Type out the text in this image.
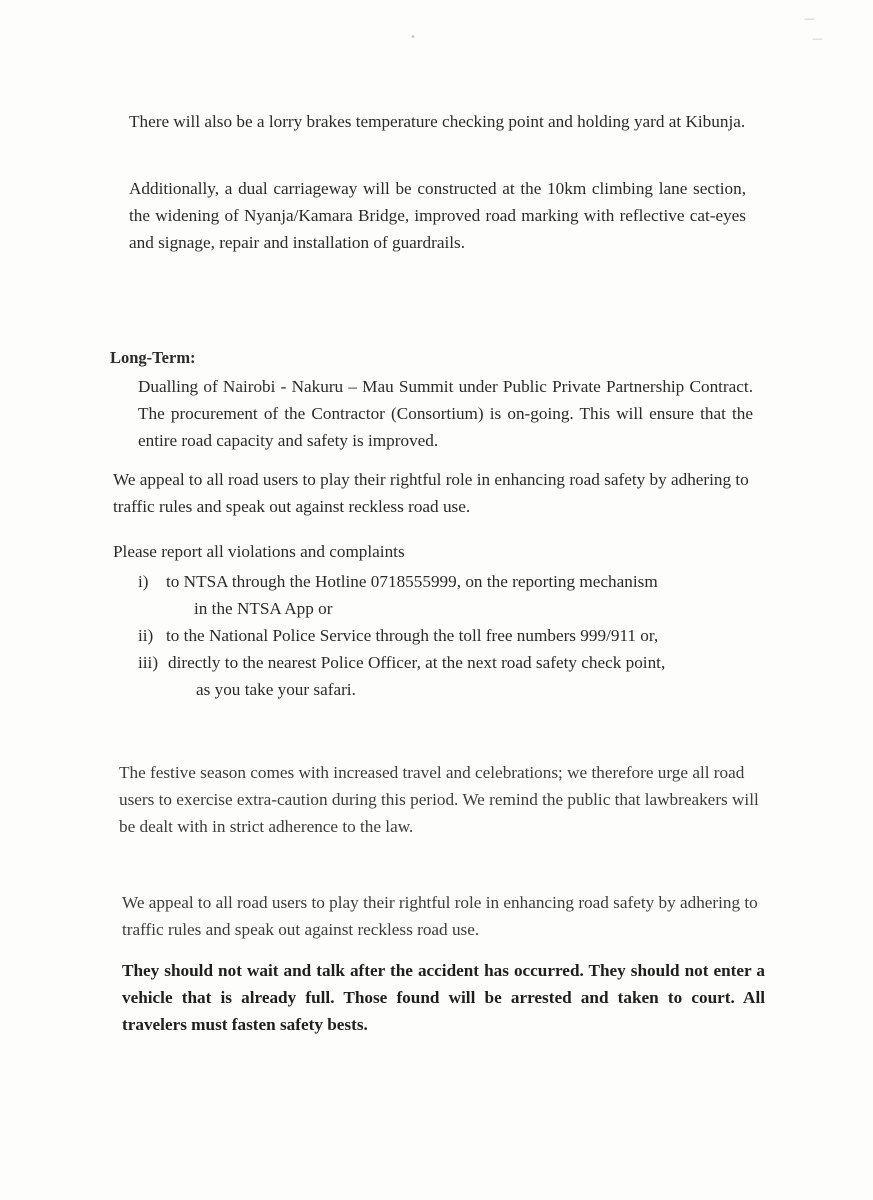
•
—
—

There will also be a lorry brakes temperature checking point and holding yard at Kibunja.

Additionally, a dual carriageway will be constructed at the 10km climbing lane section, the widening of Nyanja/Kamara Bridge, improved road marking with reflective cat-eyes and signage, repair and installation of guardrails.

Long-Term:

Dualling of Nairobi - Nakuru – Mau Summit under Public Private Partnership Contract. The procurement of the Contractor (Consortium) is on-going. This will ensure that the entire road capacity and safety is improved.

We appeal to all road users to play their rightful role in enhancing road safety by adhering to traffic rules and speak out against reckless road use.

Please report all violations and complaints

i) to NTSA through the Hotline 0718555999, on the reporting mechanism
in the NTSA App or
ii) to the National Police Service through the toll free numbers 999/911 or,
iii) directly to the nearest Police Officer, at the next road safety check point,
as you take your safari.

The festive season comes with increased travel and celebrations; we therefore urge all road users to exercise extra-caution during this period. We remind the public that lawbreakers will be dealt with in strict adherence to the law.

We appeal to all road users to play their rightful role in enhancing road safety by adhering to traffic rules and speak out against reckless road use.

They should not wait and talk after the accident has occurred. They should not enter a vehicle that is already full. Those found will be arrested and taken to court. All travelers must fasten safety bests.
